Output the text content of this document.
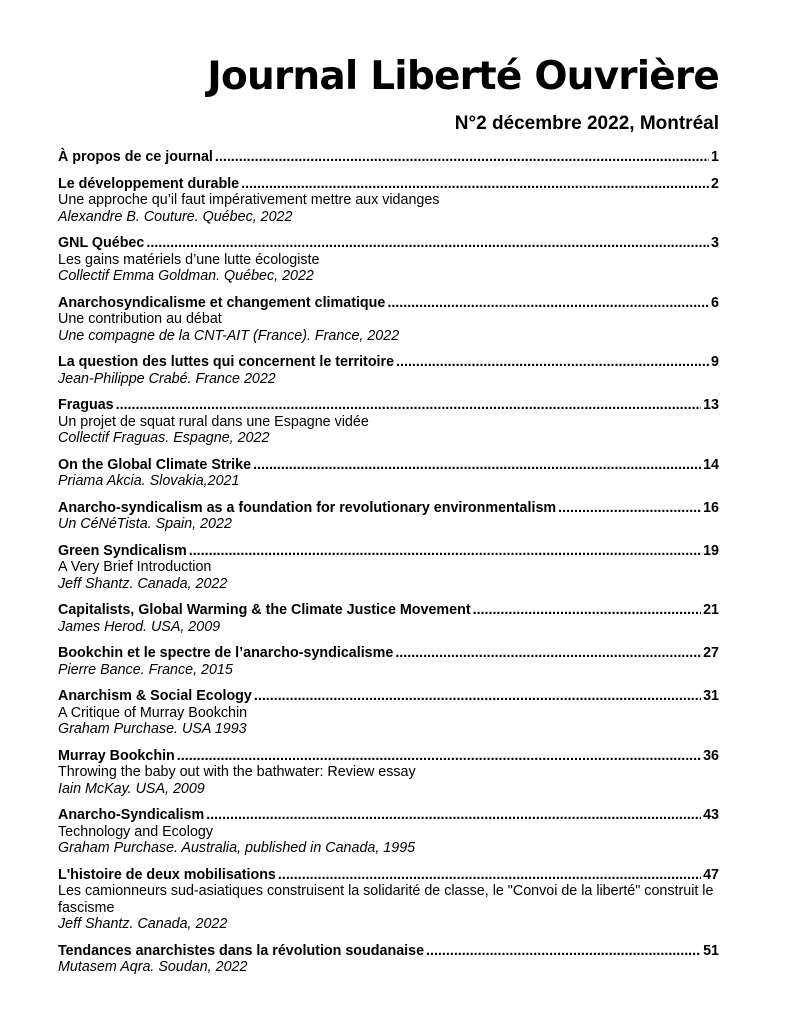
Journal Liberté Ouvrière
N°2 décembre 2022, Montréal
À propos de ce journal .....	1
Le développement durable .....	2
Une approche qu’il faut impérativement mettre aux vidanges
Alexandre B. Couture. Québec, 2022
GNL Québec .....	3
Les gains matériels d’une lutte écologiste
Collectif Emma Goldman. Québec, 2022
Anarchosyndicalisme et changement climatique .....	6
Une contribution au débat
Une compagne de la CNT-AIT (France). France, 2022
La question des luttes qui concernent le territoire .....	9
Jean-Philippe Crabé. France 2022
Fraguas .....	13
Un projet de squat rural dans une Espagne vidée
Collectif Fraguas. Espagne, 2022
On the Global Climate Strike .....	14
Priama Akcia. Slovakia,2021
Anarcho-syndicalism as a foundation for revolutionary environmentalism .....	16
Un CéNéTista. Spain, 2022
Green Syndicalism .....	19
A Very Brief Introduction
Jeff Shantz. Canada, 2022
Capitalists, Global Warming & the Climate Justice Movement .....	21
James Herod. USA, 2009
Bookchin et le spectre de l’anarcho-syndicalisme .....	27
Pierre Bance. France, 2015
Anarchism & Social Ecology .....	31
A Critique of Murray Bookchin
Graham Purchase. USA 1993
Murray Bookchin .....	36
Throwing the baby out with the bathwater: Review essay
Iain McKay. USA, 2009
Anarcho-Syndicalism .....	43
Technology and Ecology
Graham Purchase. Australia, published in Canada, 1995
L'histoire de deux mobilisations .....	47
Les camionneurs sud-asiatiques construisent la solidarité de classe, le "Convoi de la liberté" construit le fascisme
Jeff Shantz. Canada, 2022
Tendances anarchistes dans la révolution soudanaise .....	51
Mutasem Aqra. Soudan, 2022
